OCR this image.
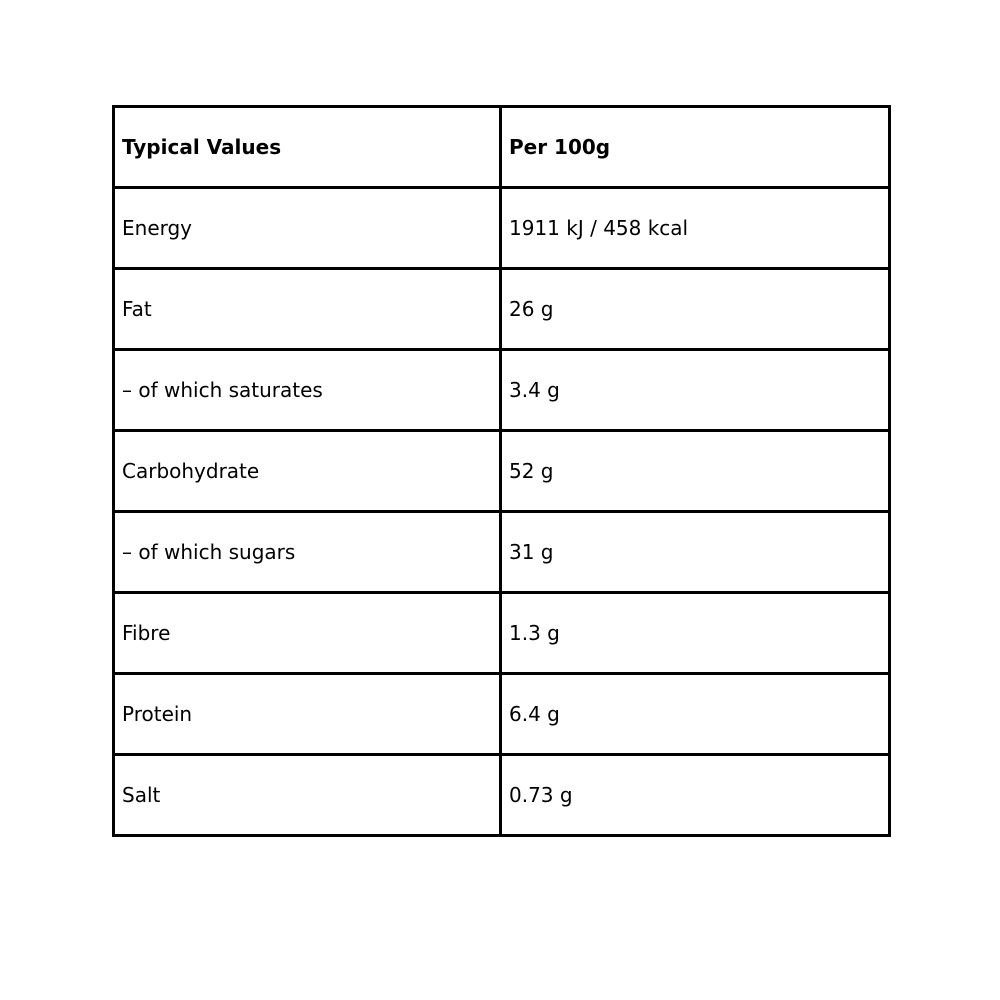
Typical Values	Per 100g
Energy	1911 kJ / 458 kcal
Fat	26 g
– of which saturates	3.4 g
Carbohydrate	52 g
– of which sugars	31 g
Fibre	1.3 g
Protein	6.4 g
Salt	0.73 g
